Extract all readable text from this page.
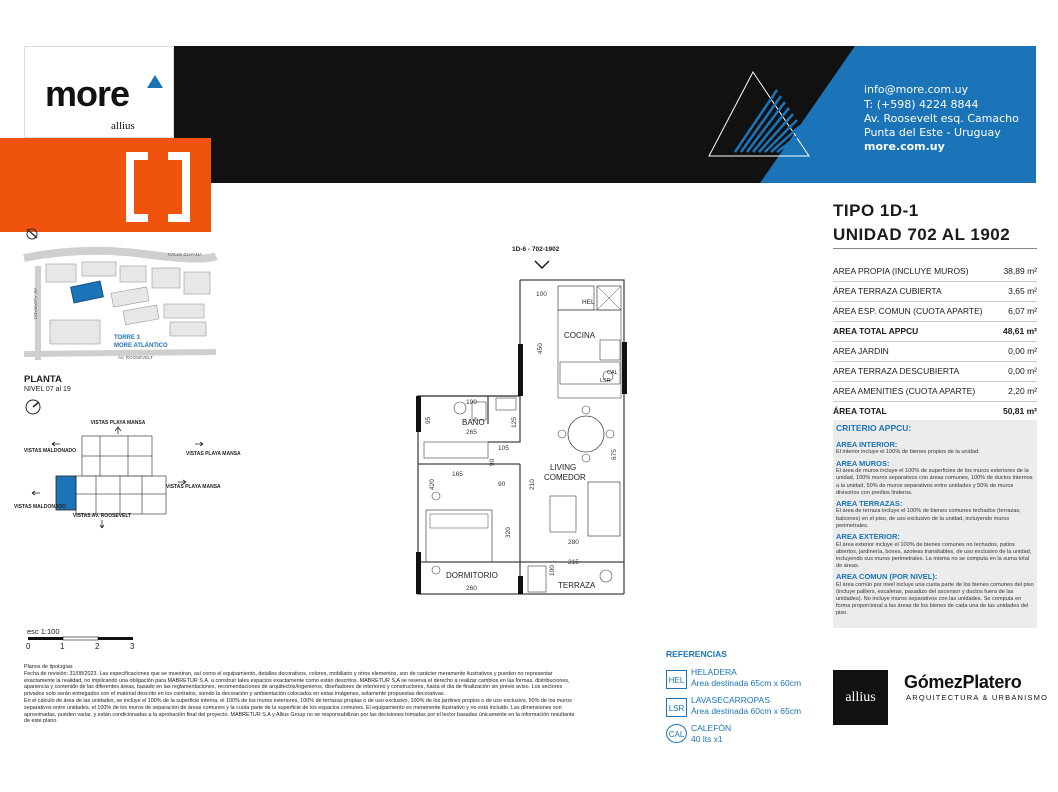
more
allius
info@more.com.uy
T: (+598) 4224 8844
Av. Roosevelt esq. Camacho
Punta del Este - Uruguay
more.com.uy
TIPO 1D-1
UNIDAD 702 AL 1902
AREA PROPIA (INCLUYE MUROS)	38,89 m²
ÁREA TERRAZA CUBIERTA	3,65 m²
ÁREA ESP. COMUN (CUOTA APARTE)	6,07 m²
AREA TOTAL APPCU	48,61 m²
AREA JARDIN	0,00 m²
AREA TERRAZA DESCUBIERTA	0,00 m²
AREA AMENITIES (CUOTA APARTE)	2,20 m²
ÁREA TOTAL	50,81 m²
CRITERIO APPCU:
AREA INTERIOR:
El interior incluye el 100% de bienes propios de la unidad.
AREA MUROS:
El área de muros incluye el 100% de superficies de los muros exteriores de la unidad, 100% muros separativos con áreas comunes, 100% de ductos internos a la unidad, 50% de muros separativos entre unidades y 50% de muros divisorios con predios linderos.
AREA TERRAZAS:
El área de terraza incluye el 100% de bienes comunes techados (terrazas, balcones) en el piso, de uso exclusivo de la unidad, incluyendo muros perimetrales.
AREA EXTERIOR:
El área exterior incluye el 100% de bienes comunes no techados, patios abiertos, jardinería, boxes, azoteas transitables, de uso exclusivo de la unidad, incluyendo sus muros perimetrales. La misma no se computa en la suma total de áreas.
AREA COMUN (POR NIVEL):
El área común por nivel incluye una cuota parte de los bienes comunes del piso (incluye palliers, escaleras, pasadizo del ascensor y ductos fuera de las unidades). No incluye muros separativos con las unidades. Se computa en forma proporcional a las áreas de los bienes de cada una de las unidades del piso.
CALLE GUYANA
AV. ALVARADO
TORRE 3
MORE ATLÁNTICO
AV. ROOSEVELT
PLANTA
NIVEL 07 al 19
VISTAS PLAYA MANSA
VISTAS MALDONADO	VISTAS PLAYA MANSA
VISTAS PLAYA MANSA
VISTAS MALDONADO
VISTAS AV. ROOSEVELT
esc 1:100
0	1	2	3
1D-6 - 702-1902
COCINA
HEL
CAL
LSR
BAÑO
LIVING
COMEDOR
DORMITORIO
TERRAZA
100
450
190
95
265
125
105
90
165
90
675
420	210
320
280
215
100
260
Planos de tipologías
Fecha de revisión: 31/08/2023. Las especificaciones que se muestran, así como el equipamiento, detalles decorativos, colores, mobiliario y otros elementos, son de carácter meramente ilustrativos y pueden no representar exactamente la realidad, no implicando una obligación para MABRETUR S.A. a construir tales espacios exactamente como están descritos. MABRETUR S.A se reserva el derecho a realizar cambios en las formas, distribuciones, apariencia y contenido de las diferentes áreas, basado en las reglamentaciones, recomendaciones de arquitectos/ingenieros, diseñadores de interiores y constructores, hasta el día de finalización sin previo aviso. Los sectores privados solo serán entregados con el material descrito en los contratos, siendo la decoración y ambientación colocados en estas imágenes, solamente propuestas decorativas.
En el cálculo de área de las unidades, se incluye el 100% de la superficie interna, el 100% de los muros exteriores, 100% de terrazas propias o de uso exclusivo, 100% de los jardines propios o de uso exclusivo, 50% de los muros separativos entre unidades, el 100% de los muros de separación de áreas comunes y la cuota parte de la superficie de los espacios comunes. El equipamiento es meramente ilustrativo y no está incluido. Las dimensiones son aproximadas, pueden variar, y están condicionadas a la aprobación final del proyecto. MABRETUR S.A y Allius Group no se responsabilizan por las decisiones tomadas por el lector basadas únicamente en la información resultante de este plano.
REFERENCIAS
HEL
HELADERA
Área destinada 65cm x 60cm
LSR
LAVASECARROPAS
Área destinada 60cm x 65cm
CAL
CALEFÓN
40 lts x1
allius
GómezPlatero
ARQUITECTURA & URBANISMO
